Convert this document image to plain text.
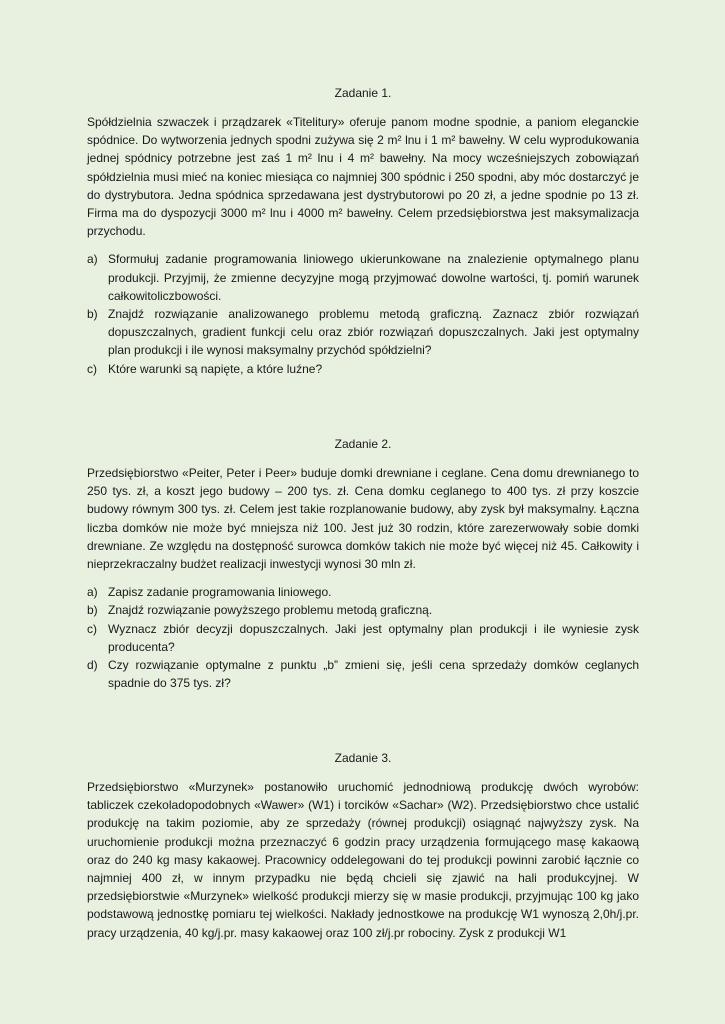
Zadanie 1.

Spółdzielnia szwaczek i prządzarek «Titelitury» oferuje panom modne spodnie, a paniom eleganckie spódnice. Do wytworzenia jednych spodni zużywa się 2 m² lnu i 1 m² bawełny. W celu wyprodukowania jednej spódnicy potrzebne jest zaś 1 m² lnu i 4 m² bawełny. Na mocy wcześniejszych zobowiązań spółdzielnia musi mieć na koniec miesiąca co najmniej 300 spódnic i 250 spodni, aby móc dostarczyć je do dystrybutora. Jedna spódnica sprzedawana jest dystrybutorowi po 20 zł, a jedne spodnie po 13 zł. Firma ma do dyspozycji 3000 m² lnu i 4000 m² bawełny. Celem przedsiębiorstwa jest maksymalizacja przychodu.

a) Sformułuj zadanie programowania liniowego ukierunkowane na znalezienie optymalnego planu produkcji. Przyjmij, że zmienne decyzyjne mogą przyjmować dowolne wartości, tj. pomiń warunek całkowitoliczbowości.
b) Znajdź rozwiązanie analizowanego problemu metodą graficzną. Zaznacz zbiór rozwiązań dopuszczalnych, gradient funkcji celu oraz zbiór rozwiązań dopuszczalnych. Jaki jest optymalny plan produkcji i ile wynosi maksymalny przychód spółdzielni?
c) Które warunki są napięte, a które luźne?
Zadanie 2.

Przedsiębiorstwo «Peiter, Peter i Peer» buduje domki drewniane i ceglane. Cena domu drewnianego to 250 tys. zł, a koszt jego budowy – 200 tys. zł. Cena domku ceglanego to 400 tys. zł przy koszcie budowy równym 300 tys. zł. Celem jest takie rozplanowanie budowy, aby zysk był maksymalny. Łączna liczba domków nie może być mniejsza niż 100. Jest już 30 rodzin, które zarezerwowały sobie domki drewniane. Ze względu na dostępność surowca domków takich nie może być więcej niż 45. Całkowity i nieprzekraczalny budżet realizacji inwestycji wynosi 30 mln zł.

a) Zapisz zadanie programowania liniowego.
b) Znajdź rozwiązanie powyższego problemu metodą graficzną.
c) Wyznacz zbiór decyzji dopuszczalnych. Jaki jest optymalny plan produkcji i ile wyniesie zysk producenta?
d) Czy rozwiązanie optymalne z punktu „b” zmieni się, jeśli cena sprzedaży domków ceglanych spadnie do 375 tys. zł?
Zadanie 3.

Przedsiębiorstwo «Murzynek» postanowiło uruchomić jednodniową produkcję dwóch wyrobów: tabliczek czekoladopodobnych «Wawer» (W1) i torcików «Sachar» (W2). Przedsiębiorstwo chce ustalić produkcję na takim poziomie, aby ze sprzedaży (równej produkcji) osiągnąć najwyższy zysk. Na uruchomienie produkcji można przeznaczyć 6 godzin pracy urządzenia formującego masę kakaową oraz do 240 kg masy kakaowej. Pracownicy oddelegowani do tej produkcji powinni zarobić łącznie co najmniej 400 zł, w innym przypadku nie będą chcieli się zjawić na hali produkcyjnej. W przedsiębiorstwie «Murzynek» wielkość produkcji mierzy się w masie produkcji, przyjmując 100 kg jako podstawową jednostkę pomiaru tej wielkości. Nakłady jednostkowe na produkcję W1 wynoszą 2,0h/j.pr. pracy urządzenia, 40 kg/j.pr. masy kakaowej oraz 100 zł/j.pr robociny. Zysk z produkcji W1
